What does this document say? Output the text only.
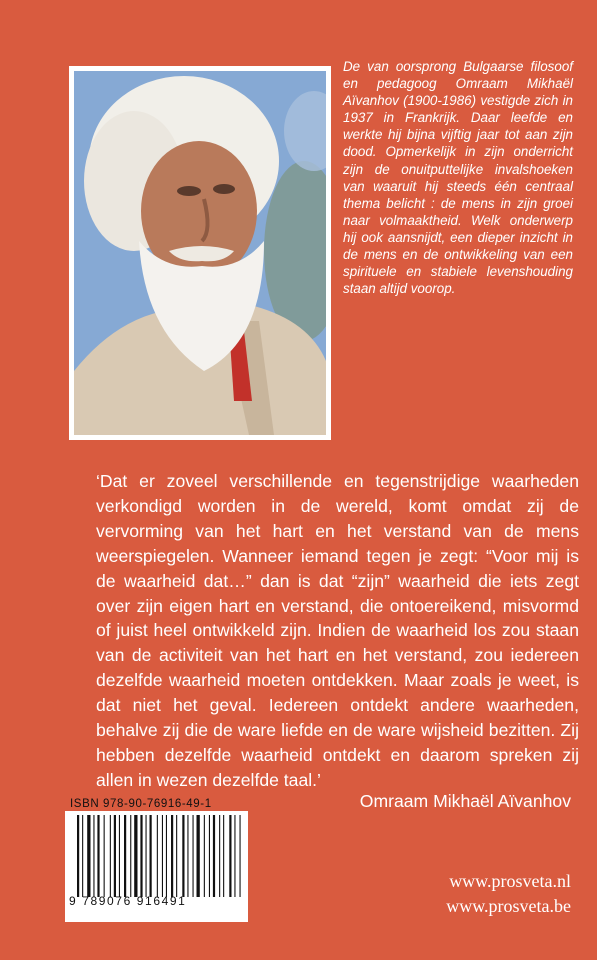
De van oorsprong Bulgaarse filosoof en pedagoog Omraam Mikhaël Aïvanhov (1900-1986) vestigde zich in 1937 in Frankrijk. Daar leefde en werkte hij bijna vijftig jaar tot aan zijn dood. Opmerkelijk in zijn onderricht zijn de onuitputtelijke invalshoeken van waaruit hij steeds één centraal thema belicht : de mens in zijn groei naar volmaaktheid. Welk onderwerp hij ook aansnijdt, een dieper inzicht in de mens en de ontwikkeling van een spirituele en stabiele levenshouding staan altijd voorop.

‘Dat er zoveel verschillende en tegenstrijdige waarheden verkondigd worden in de wereld, komt omdat zij de vervorming van het hart en het verstand van de mens weerspiegelen. Wanneer iemand tegen je zegt: “Voor mij is de waarheid dat…” dan is dat “zijn” waarheid die iets zegt over zijn eigen hart en verstand, die ontoereikend, misvormd of juist heel ontwikkeld zijn. Indien de waarheid los zou staan van de activiteit van het hart en het verstand, zou iedereen dezelfde waarheid moeten ontdekken. Maar zoals je weet, is dat niet het geval. Iedereen ontdekt andere waarheden, behalve zij die de ware liefde en de ware wijsheid bezitten. Zij hebben dezelfde waarheid ontdekt en daarom spreken zij allen in wezen dezelfde taal.’
Omraam Mikhaël Aïvanhov
ISBN 978-90-76916-49-1
9 789076 916491
www.prosveta.nl
www.prosveta.be
